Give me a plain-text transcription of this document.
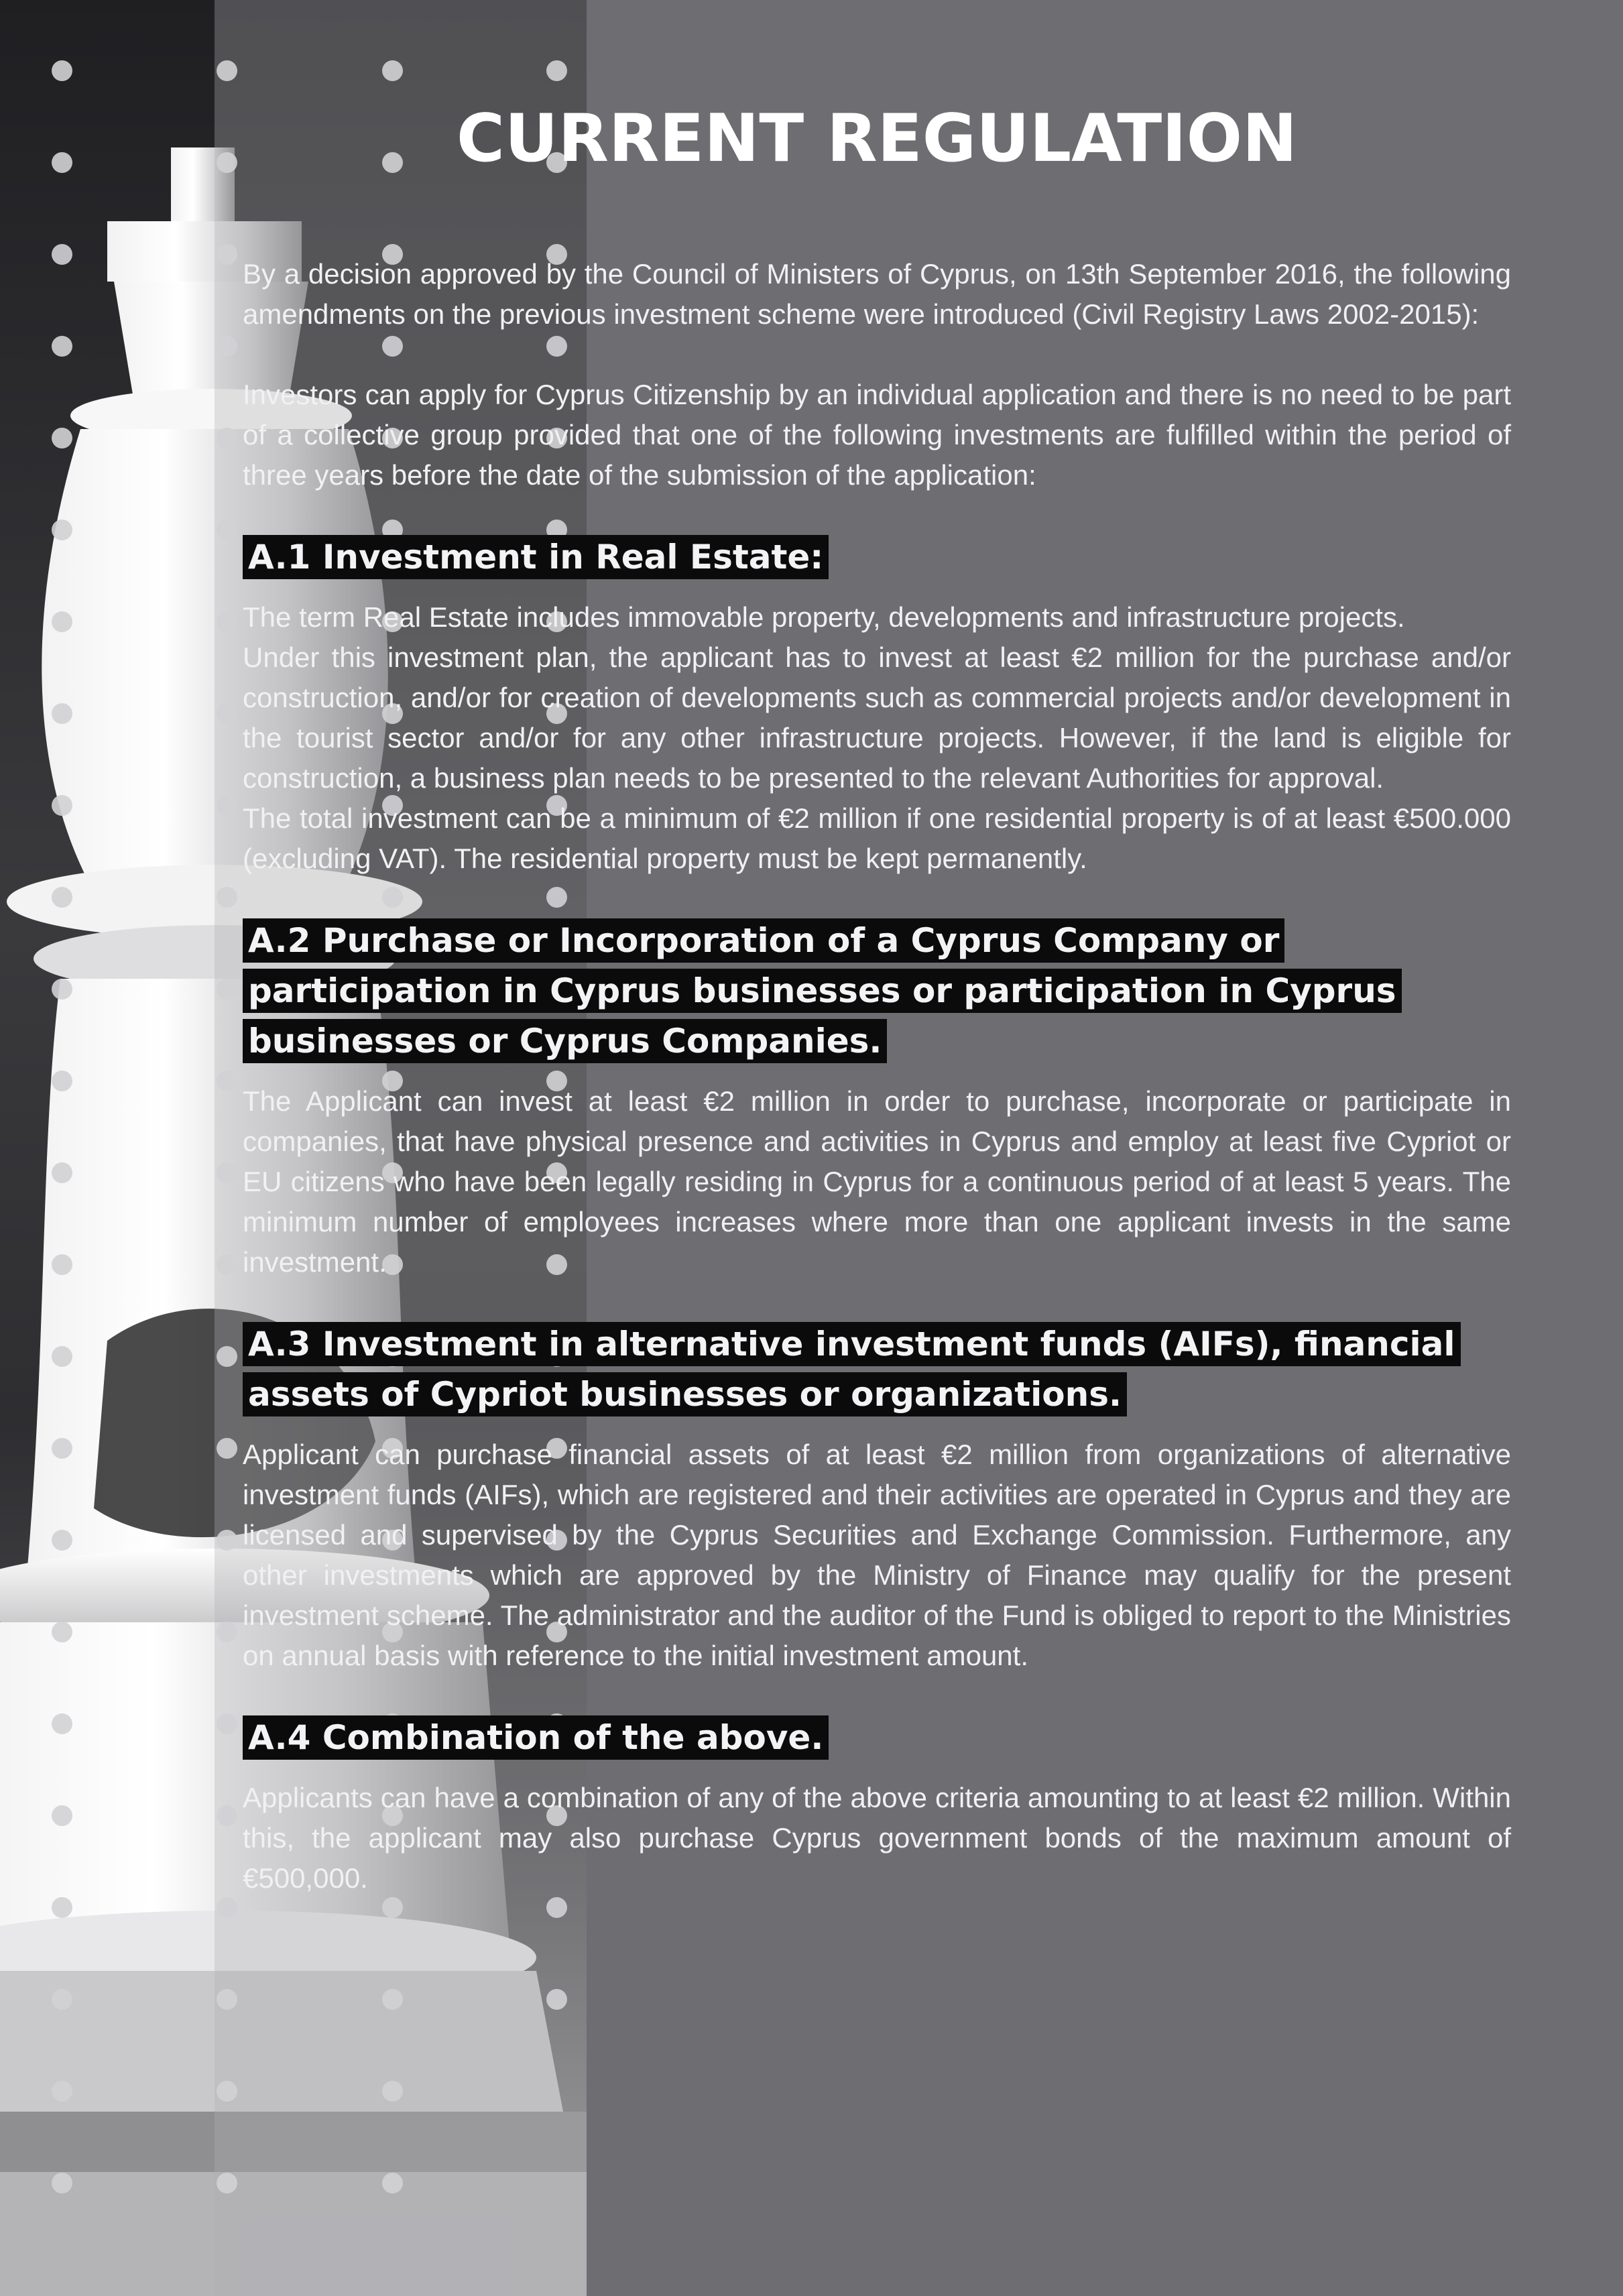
CURRENT REGULATION

By a decision approved by the Council of Ministers of Cyprus, on 13th September 2016, the following amendments on the previous investment scheme were introduced (Civil Registry Laws 2002-2015):

Investors can apply for Cyprus Citizenship by an individual application and there is no need to be part of a collective group provided that one of the following investments are fulfilled within the period of three years before the date of the submission of the application:

A.1 Investment in Real Estate:

The term Real Estate includes immovable property, developments and infrastructure projects.

Under this investment plan, the applicant has to invest at least €2 million for the purchase and/or construction, and/or for creation of developments such as commercial projects and/or development in the tourist sector and/or for any other infrastructure projects. However, if the land is eligible for construction, a business plan needs to be presented to the relevant Authorities for approval.

The total investment can be a minimum of €2 million if one residential property is of at least €500.000 (excluding VAT). The residential property must be kept permanently.

A.2 Purchase or Incorporation of a Cyprus Company or participation in Cyprus businesses or participation in Cyprus businesses or Cyprus Companies.

The Applicant can invest at least €2 million in order to purchase, incorporate or participate in companies, that have physical presence and activities in Cyprus and employ at least five Cypriot or EU citizens who have been legally residing in Cyprus for a continuous period of at least 5 years. The minimum number of employees increases where more than one applicant invests in the same investment.

A.3 Investment in alternative investment funds (AIFs), financial assets of Cypriot businesses or organizations.

Applicant can purchase financial assets of at least €2 million from organizations of alternative investment funds (AIFs), which are registered and their activities are operated in Cyprus and they are licensed and supervised by the Cyprus Securities and Exchange Commission. Furthermore, any other investments which are approved by the Ministry of Finance may qualify for the present investment scheme. The administrator and the auditor of the Fund is obliged to report to the Ministries on annual basis with reference to the initial investment amount.

A.4 Combination of the above.

Applicants can have a combination of any of the above criteria amounting to at least €2 million. Within this, the applicant may also purchase Cyprus government bonds of the maximum amount of €500,000.
